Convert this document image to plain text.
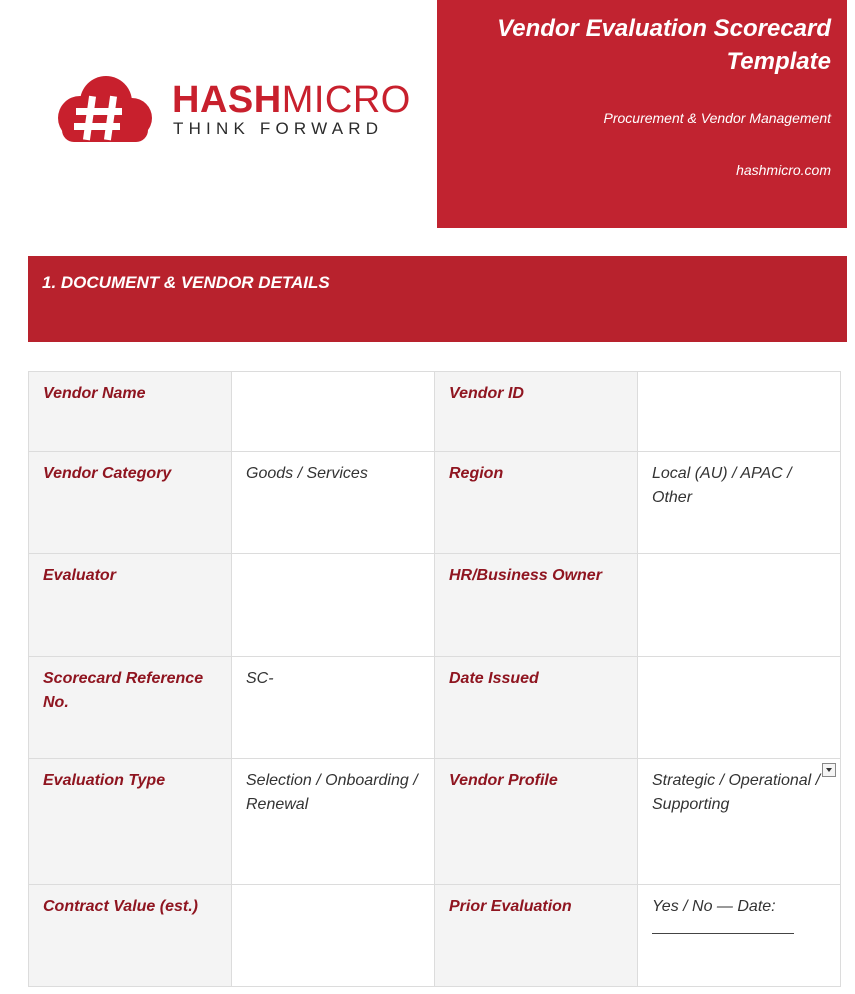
HASHMICRO
THINK FORWARD
Vendor Evaluation Scorecard Template
Procurement & Vendor Management
hashmicro.com
1. DOCUMENT & VENDOR DETAILS
Vendor Name		Vendor ID	
Vendor Category	Goods / Services	Region	Local (AU) / APAC / Other
Evaluator		HR/Business Owner	
Scorecard Reference No.	SC-	Date Issued	
Evaluation Type	Selection / Onboarding / Renewal	Vendor Profile	Strategic / Operational / Supporting

Contract Value (est.)		Prior Evaluation	Yes / No — Date:
